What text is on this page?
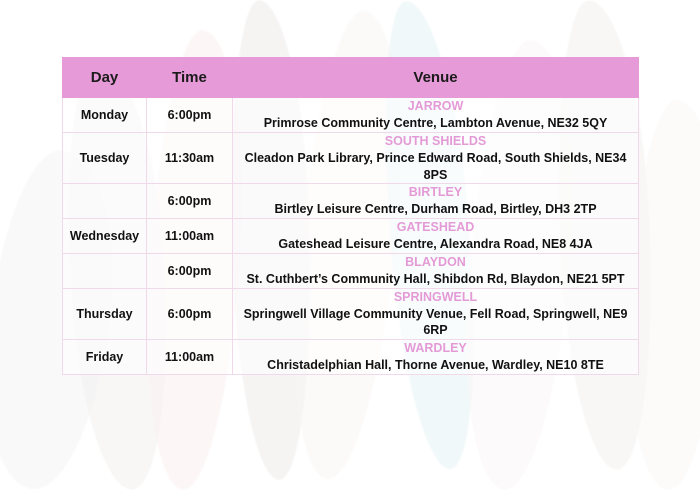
Day	Time	Venue
Monday	6:00pm	JARROW
Primrose Community Centre, Lambton Avenue, NE32 5QY

Tuesday	11:30am	SOUTH SHIELDS
Cleadon Park Library, Prince Edward Road, South Shields, NE34 8PS

	6:00pm	BIRTLEY
Birtley Leisure Centre, Durham Road, Birtley, DH3 2TP

Wednesday	11:00am	GATESHEAD
Gateshead Leisure Centre, Alexandra Road, NE8 4JA

	6:00pm	BLAYDON
St. Cuthbert’s Community Hall, Shibdon Rd, Blaydon, NE21 5PT

Thursday	6:00pm	SPRINGWELL
Springwell Village Community Venue, Fell Road, Springwell, NE9 6RP

Friday	11:00am	WARDLEY
Christadelphian Hall, Thorne Avenue, Wardley, NE10 8TE
